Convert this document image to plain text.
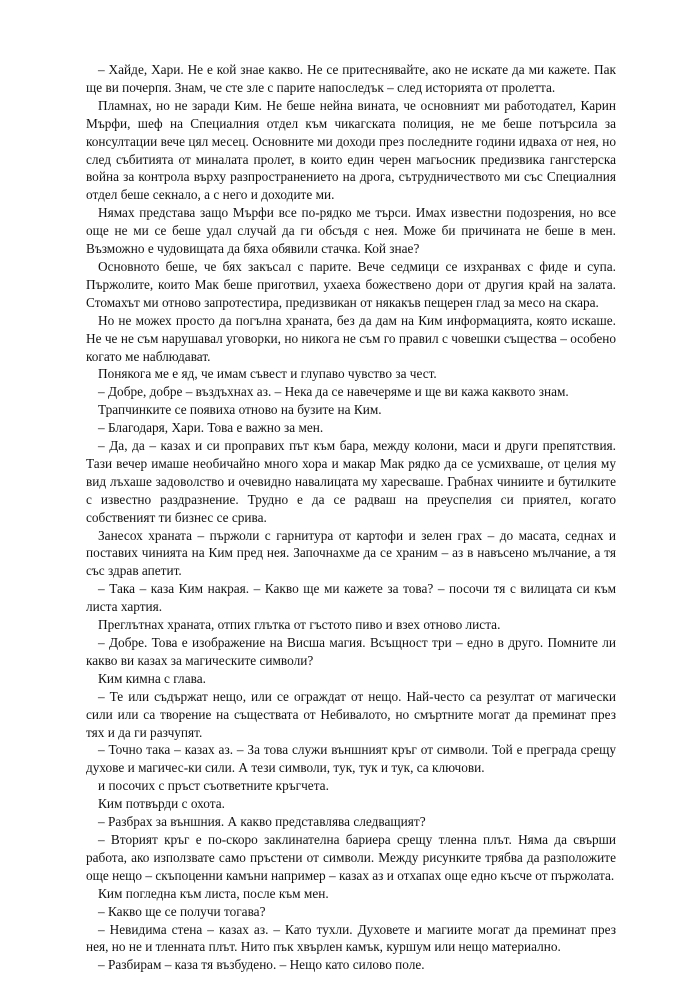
– Хайде, Хари. Не е кой знае какво. Не се притеснявайте, ако не искате да ми кажете. Пак ще ви почерпя. Знам, че сте зле с парите напоследък – след историята от пролетта.

Пламнах, но не заради Ким. Не беше нейна вината, че основният ми работодател, Карин Мърфи, шеф на Специалния отдел към чикагската полиция, не ме беше потърсила за консултации вече цял месец. Основните ми доходи през последните години идваха от нея, но след събитията от миналата пролет, в които един черен магьосник предизвика гангстерска война за контрола върху разпространението на дрога, сътрудничеството ми със Специалния отдел беше секнало, а с него и доходите ми.

Нямах представа защо Мърфи все по-рядко ме търси. Имах известни подозрения, но все още не ми се беше удал случай да ги обсъдя с нея. Може би причината не беше в мен. Възможно е чудовищата да бяха обявили стачка. Кой знае?

Основното беше, че бях закъсал с парите. Вече седмици се изхранвах с фиде и супа. Пържолите, които Мак беше приготвил, ухаеха божествено дори от другия край на залата. Стомахът ми отново запротестира, предизвикан от някакъв пещерен глад за месо на скара.

Но не можех просто да погълна храната, без да дам на Ким информацията, която искаше. Не че не съм нарушавал уговорки, но никога не съм го правил с човешки същества – особено когато ме наблюдават.

Понякога ме е яд, че имам съвест и глупаво чувство за чест.

– Добре, добре – въздъхнах аз. – Нека да се навечеряме и ще ви кажа каквото знам.

Трапчинките се появиха отново на бузите на Ким.

– Благодаря, Хари. Това е важно за мен.

– Да, да – казах и си проправих път към бара, между колони, маси и други препятствия. Тази вечер имаше необичайно много хора и макар Мак рядко да се усмихваше, от целия му вид лъхаше задоволство и очевидно навалицата му харесваше. Грабнах чиниите и бутилките с известно раздразнение. Трудно е да се радваш на преуспелия си приятел, когато собственият ти бизнес се срива.

Занесох храната – пържоли с гарнитура от картофи и зелен грах – до масата, седнах и поставих чинията на Ким пред нея. Започнахме да се храним – аз в навъсено мълчание, а тя със здрав апетит.

– Така – каза Ким накрая. – Какво ще ми кажете за това? – посочи тя с вилицата си към листа хартия.

Преглътнах храната, отпих глътка от гъстото пиво и взех отново листа.

– Добре. Това е изображение на Висша магия. Всъщност три – едно в друго. Помните ли какво ви казах за магическите символи?

Ким кимна с глава.

– Те или съдържат нещо, или се ограждат от нещо. Най-често са резултат от магически сили или са творение на съществата от Небивалото, но смъртните могат да преминат през тях и да ги разчупят.

– Точно така – казах аз. – За това служи външният кръг от символи. Той е преграда срещу духове и магичес-ки сили. А тези символи, тук, тук и тук, са ключови.

и посочих с пръст съответните кръгчета.

Ким потвърди с охота.

– Разбрах за външния. А какво представлява следващият?

– Вторият кръг е по-скоро заклинателна бариера срещу тленна плът. Няма да свърши работа, ако използвате само пръстени от символи. Между рисунките трябва да разположите още нещо – скъпоценни камъни например – казах аз и отхапах още едно късче от пържолата.

Ким погледна към листа, после към мен.

– Какво ще се получи тогава?

– Невидима стена – казах аз. – Като тухли. Духовете и магиите могат да преминат през нея, но не и тленната плът. Нито пък хвърлен камък, куршум или нещо материално.

– Разбирам – каза тя възбудено. – Нещо като силово поле.
